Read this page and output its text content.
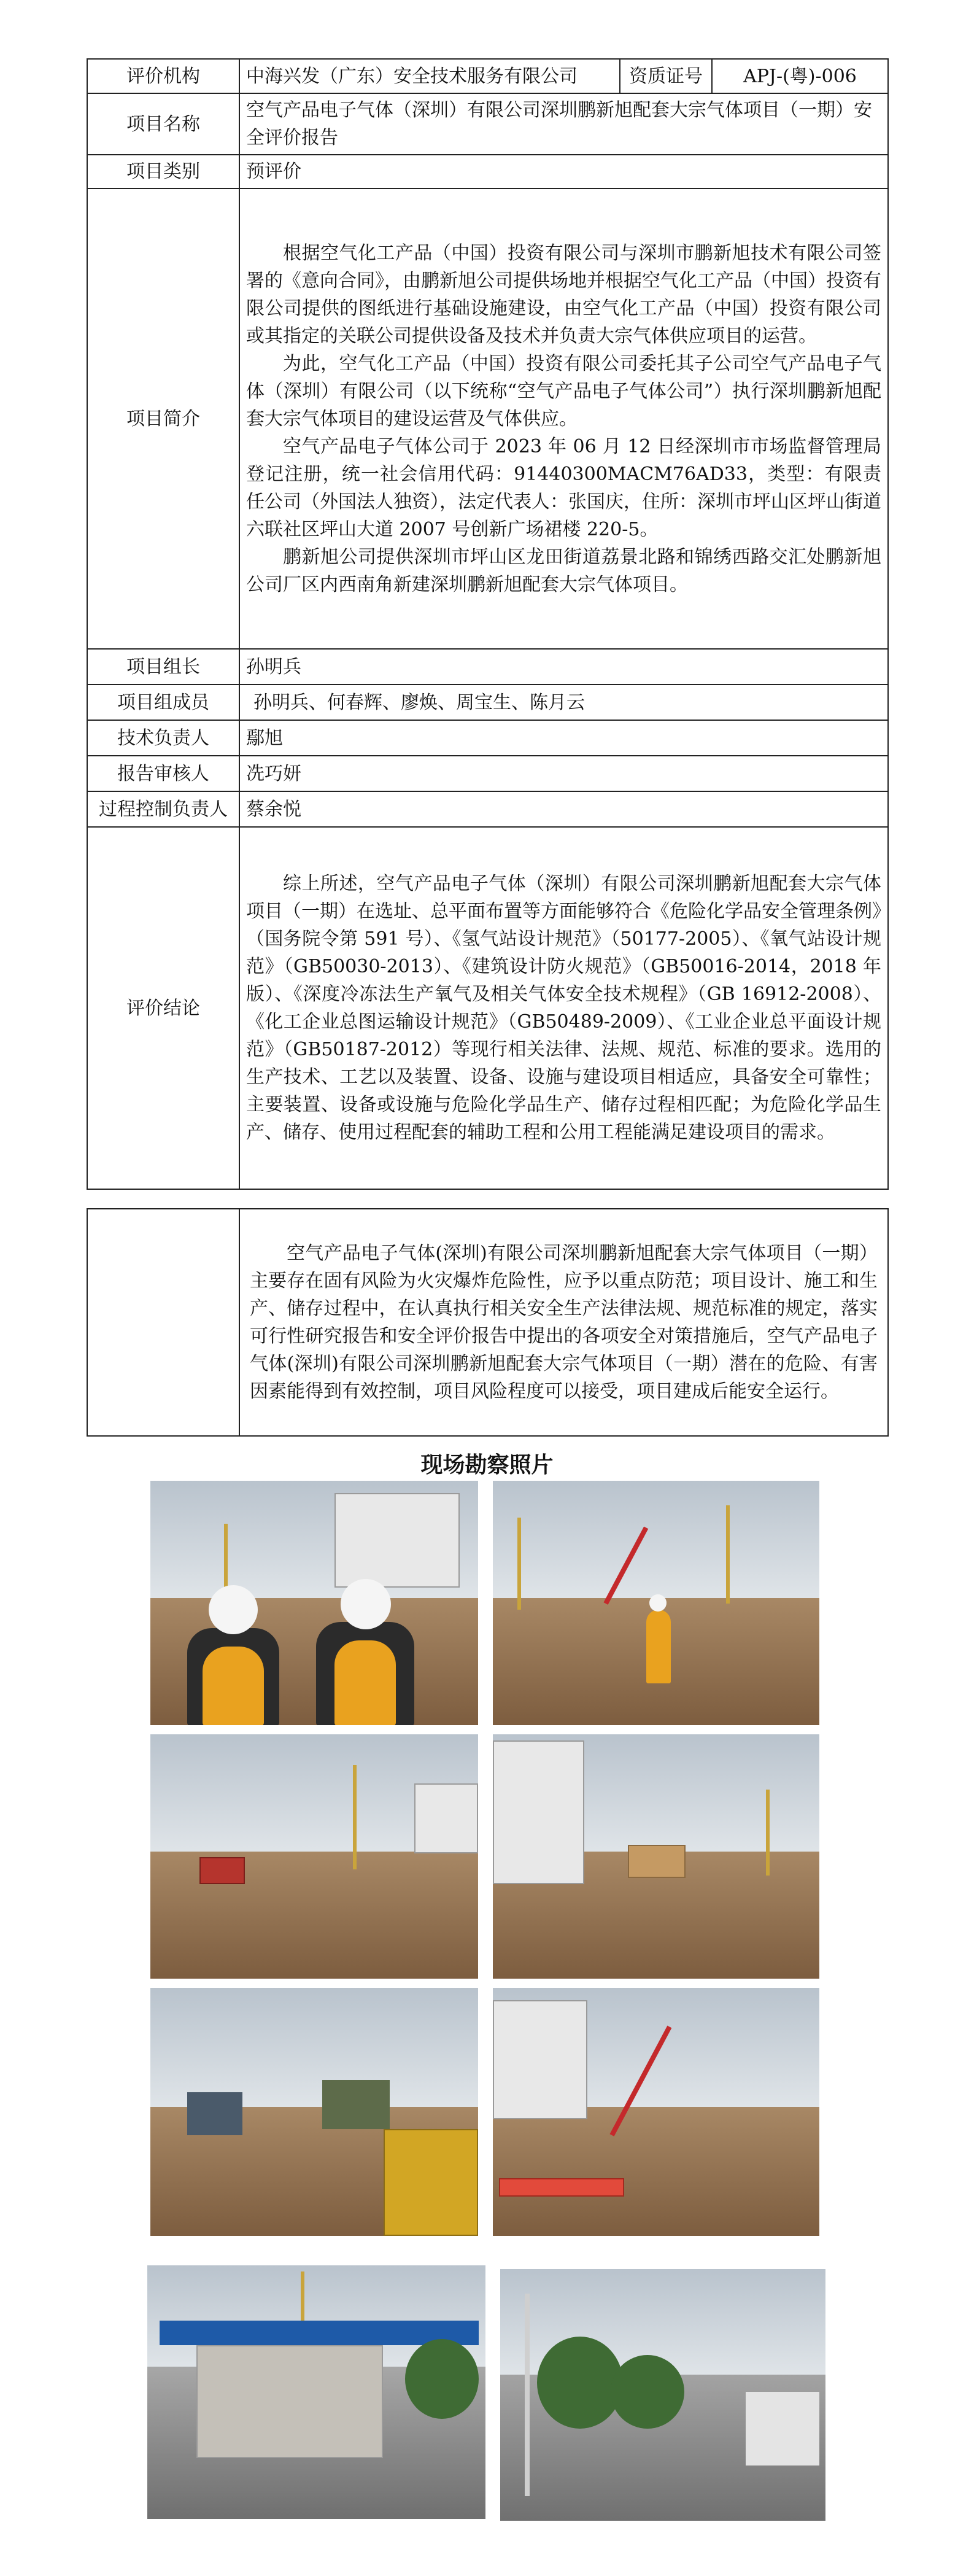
评价机构	中海兴发（广东）安全技术服务有限公司	资质证号	APJ-(粤)-006
项目名称	空气产品电子气体（深圳）有限公司深圳鹏新旭配套大宗气体项目（一期）安全评价报告		
项目类别	预评价		
项目简介	根据空气化工产品（中国）投资有限公司与深圳市鹏新旭技术有限公司签署的《意向合同》，由鹏新旭公司提供场地并根据空气化工产品（中国）投资有限公司提供的图纸进行基础设施建设，由空气化工产品（中国）投资有限公司或其指定的关联公司提供设备及技术并负责大宗气体供应项目的运营。

为此，空气化工产品（中国）投资有限公司委托其子公司空气产品电子气体（深圳）有限公司（以下统称“空气产品电子气体公司”）执行深圳鹏新旭配套大宗气体项目的建设运营及气体供应。

空气产品电子气体公司于 2023 年 06 月 12 日经深圳市市场监督管理局登记注册，统一社会信用代码：91440300MACM76AD33，类型：有限责任公司（外国法人独资），法定代表人：张国庆，住所：深圳市坪山区坪山街道六联社区坪山大道 2007 号创新广场裙楼 220-5。

鹏新旭公司提供深圳市坪山区龙田街道荔景北路和锦绣西路交汇处鹏新旭公司厂区内西南角新建深圳鹏新旭配套大宗气体项目。		

项目组长	孙明兵		
项目组成员	孙明兵、何春辉、廖焕、周宝生、陈月云		
技术负责人	鄢旭		
报告审核人	冼巧妍		
过程控制负责人	蔡余悦		
评价结论	综上所述，空气产品电子气体（深圳）有限公司深圳鹏新旭配套大宗气体项目（一期）在选址、总平面布置等方面能够符合《危险化学品安全管理条例》（国务院令第 591 号）、《氢气站设计规范》（50177-2005）、《氧气站设计规范》（GB50030-2013）、《建筑设计防火规范》（GB50016-2014，2018 年版）、《深度冷冻法生产氧气及相关气体安全技术规程》（GB 16912-2008）、《化工企业总图运输设计规范》（GB50489-2009）、《工业企业总平面设计规范》（GB50187-2012）等现行相关法律、法规、规范、标准的要求。选用的生产技术、工艺以及装置、设备、设施与建设项目相适应，具备安全可靠性；主要装置、设备或设施与危险化学品生产、储存过程相匹配；为危险化学品生产、储存、使用过程配套的辅助工程和公用工程能满足建设项目的需求。		

空气产品电子气体(深圳)有限公司深圳鹏新旭配套大宗气体项目（一期）主要存在固有风险为火灾爆炸危险性，应予以重点防范；项目设计、施工和生产、储存过程中，在认真执行相关安全生产法律法规、规范标准的规定，落实可行性研究报告和安全评价报告中提出的各项安全对策措施后，空气产品电子气体(深圳)有限公司深圳鹏新旭配套大宗气体项目（一期）潜在的危险、有害因素能得到有效控制，项目风险程度可以接受，项目建成后能安全运行。

现场勘察照片
